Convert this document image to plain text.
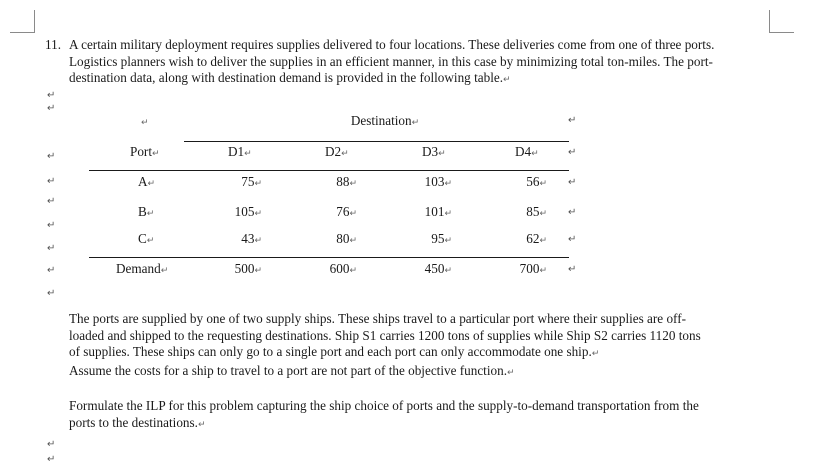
11. A certain military deployment requires supplies delivered to four locations. These deliveries come from one of three ports.
Logistics planners wish to deliver the supplies in an efficient manner, in this case by minimizing total ton-miles. The port-
destination data, along with destination demand is provided in the following table.↵
↵
↵
↵
↵
↵
↵
↵
↵
↵
↵
↵
↵	Destination↵	↵
Port↵	D1↵	D2↵	D3↵	D4↵	↵
A↵	75↵	88↵	103↵	56↵ ↵
B↵	105↵	76↵	101↵	85↵ ↵
C↵	43↵	80↵	95↵	62↵ ↵
Demand↵	500↵	600↵	450↵	700↵ ↵
The ports are supplied by one of two supply ships. These ships travel to a particular port where their supplies are off-
loaded and shipped to the requesting destinations. Ship S1 carries 1200 tons of supplies while Ship S2 carries 1120 tons
of supplies. These ships can only go to a single port and each port can only accommodate one ship.↵
Assume the costs for a ship to travel to a port are not part of the objective function.↵
Formulate the ILP for this problem capturing the ship choice of ports and the supply-to-demand transportation from the
ports to the destinations.↵
